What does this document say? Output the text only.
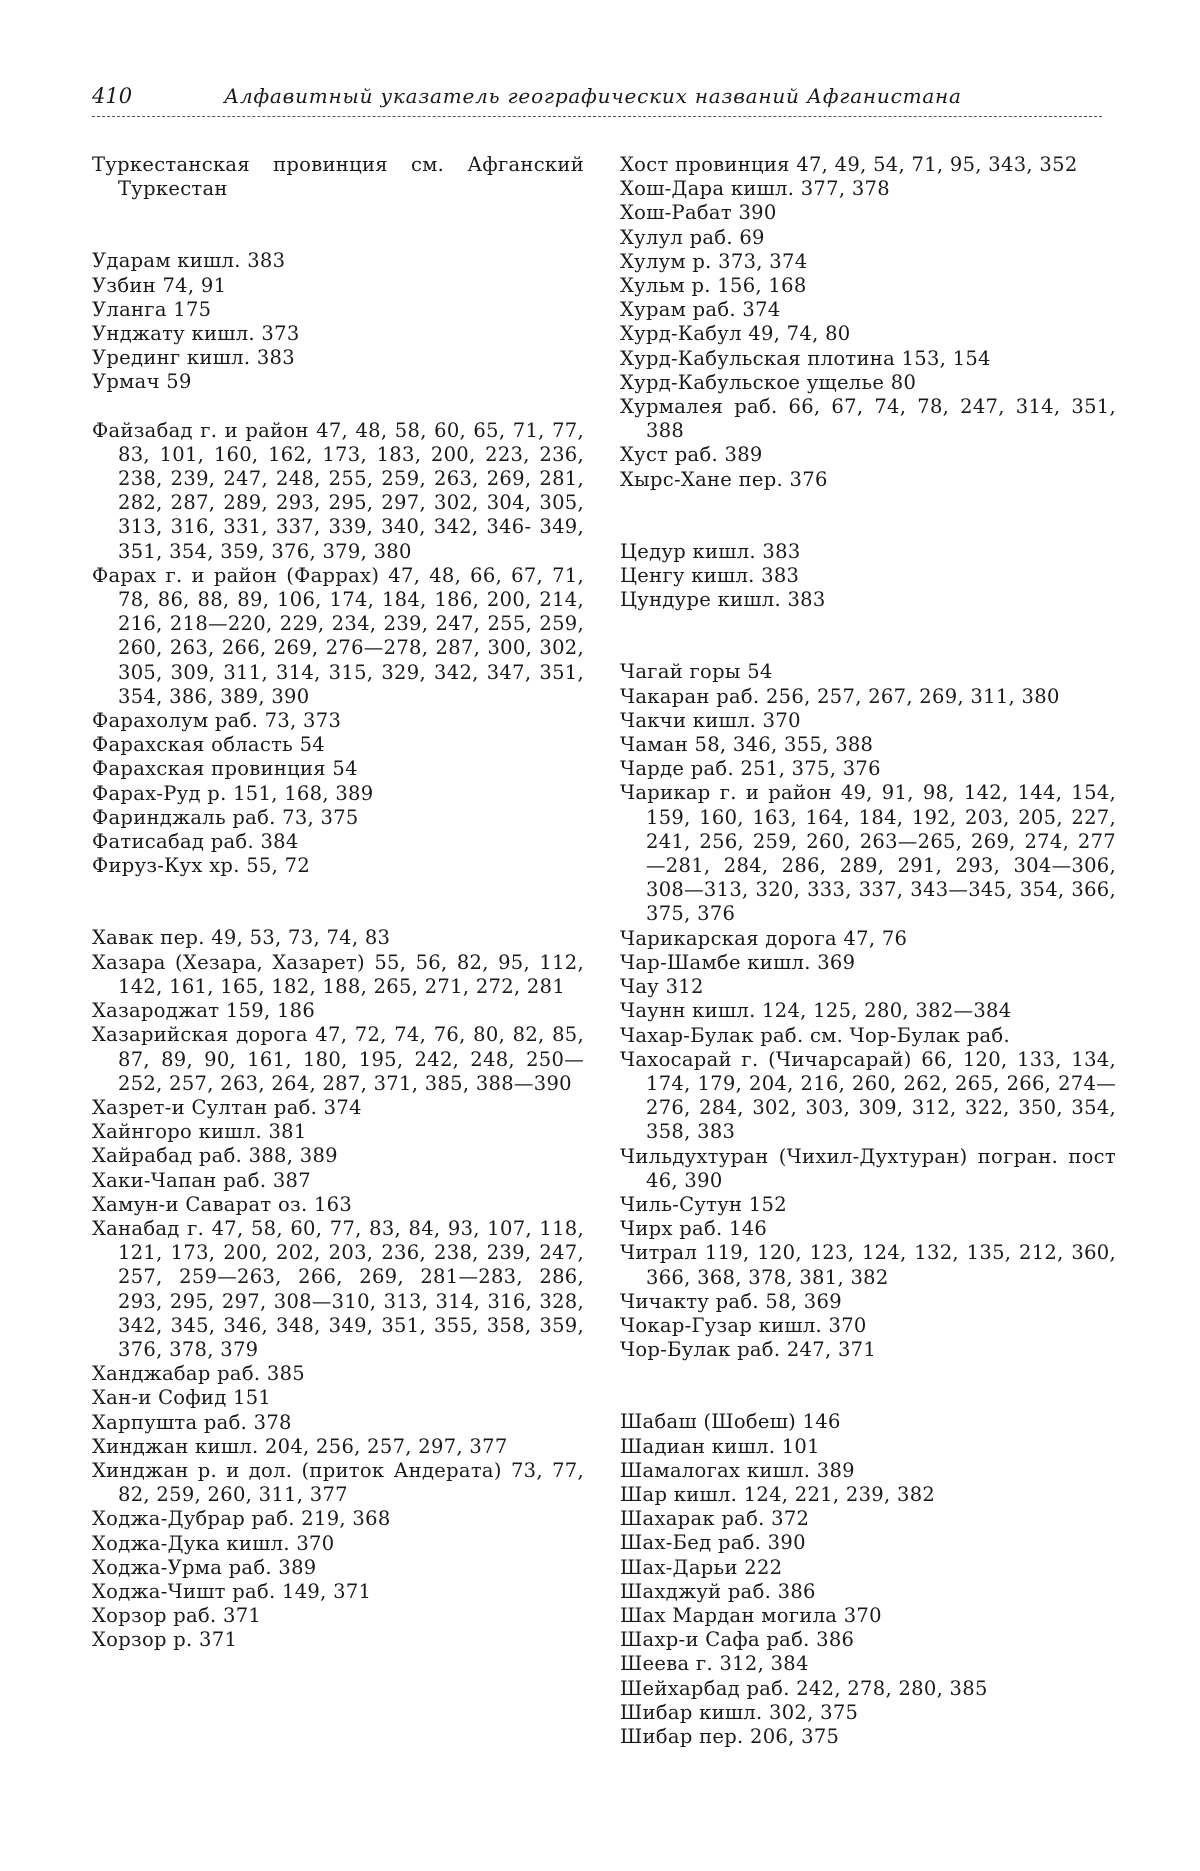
410	Алфавитный указатель географических названий Афганистана
Туркестанская провинция см. Афганский Туркестан
Ударам кишл. 383
Узбин 74, 91
Уланга 175
Унджату кишл. 373
Урединг кишл. 383
Урмач 59
Файзабад г. и район 47, 48, 58, 60, 65, 71, 77, 83, 101, 160, 162, 173, 183, 200, 223, 236, 238, 239, 247, 248, 255, 259, 263, 269, 281, 282, 287, 289, 293, 295, 297, 302, 304, 305, 313, 316, 331, 337, 339, 340, 342, 346- 349, 351, 354, 359, 376, 379, 380
Фарах г. и район (Фаррах) 47, 48, 66, 67, 71, 78, 86, 88, 89, 106, 174, 184, 186, 200, 214, 216, 218—220, 229, 234, 239, 247, 255, 259, 260, 263, 266, 269, 276—278, 287, 300, 302, 305, 309, 311, 314, 315, 329, 342, 347, 351, 354, 386, 389, 390
Фарахолум раб. 73, 373
Фарахская область 54
Фарахская провинция 54
Фарах-Руд р. 151, 168, 389
Фаринджаль раб. 73, 375
Фатисабад раб. 384
Фируз-Кух хр. 55, 72
Хавак пер. 49, 53, 73, 74, 83
Хазара (Хезара, Хазарет) 55, 56, 82, 95, 112, 142, 161, 165, 182, 188, 265, 271, 272, 281
Хазароджат 159, 186
Хазарийская дорога 47, 72, 74, 76, 80, 82, 85, 87, 89, 90, 161, 180, 195, 242, 248, 250—252, 257, 263, 264, 287, 371, 385, 388—390
Хазрет-и Султан раб. 374
Хайнгоро кишл. 381
Хайрабад раб. 388, 389
Хаки-Чапан раб. 387
Хамун-и Саварат оз. 163
Ханабад г. 47, 58, 60, 77, 83, 84, 93, 107, 118, 121, 173, 200, 202, 203, 236, 238, 239, 247, 257, 259—263, 266, 269, 281—283, 286, 293, 295, 297, 308—310, 313, 314, 316, 328, 342, 345, 346, 348, 349, 351, 355, 358, 359, 376, 378, 379
Ханджабар раб. 385
Хан-и Софид 151
Харпушта раб. 378
Хинджан кишл. 204, 256, 257, 297, 377
Хинджан р. и дол. (приток Андерата) 73, 77, 82, 259, 260, 311, 377
Ходжа-Дубрар раб. 219, 368
Ходжа-Дука кишл. 370
Ходжа-Урма раб. 389
Ходжа-Чишт раб. 149, 371
Хорзор раб. 371
Хорзор р. 371
Хост провинция 47, 49, 54, 71, 95, 343, 352
Хош-Дара кишл. 377, 378
Хош-Рабат 390
Хулул раб. 69
Хулум р. 373, 374
Хульм р. 156, 168
Хурам раб. 374
Хурд-Кабул 49, 74, 80
Хурд-Кабульская плотина 153, 154
Хурд-Кабульское ущелье 80
Хурмалея раб. 66, 67, 74, 78, 247, 314, 351, 388
Хуст раб. 389
Хырс-Хане пер. 376
Цедур кишл. 383
Ценгу кишл. 383
Цундуре кишл. 383
Чагай горы 54
Чакаран раб. 256, 257, 267, 269, 311, 380
Чакчи кишл. 370
Чаман 58, 346, 355, 388
Чарде раб. 251, 375, 376
Чарикар г. и район 49, 91, 98, 142, 144, 154, 159, 160, 163, 164, 184, 192, 203, 205, 227, 241, 256, 259, 260, 263—265, 269, 274, 277—281, 284, 286, 289, 291, 293, 304—306, 308—313, 320, 333, 337, 343—345, 354, 366, 375, 376
Чарикарская дорога 47, 76
Чар-Шамбе кишл. 369
Чау 312
Чаунн кишл. 124, 125, 280, 382—384
Чахар-Булак раб. см. Чор-Булак раб.
Чахосарай г. (Чичарсарай) 66, 120, 133, 134, 174, 179, 204, 216, 260, 262, 265, 266, 274—276, 284, 302, 303, 309, 312, 322, 350, 354, 358, 383
Чильдухтуран (Чихил-Духтуран) погран. пост 46, 390
Чиль-Сутун 152
Чирх раб. 146
Читрал 119, 120, 123, 124, 132, 135, 212, 360, 366, 368, 378, 381, 382
Чичакту раб. 58, 369
Чокар-Гузар кишл. 370
Чор-Булак раб. 247, 371
Шабаш (Шобеш) 146
Шадиан кишл. 101
Шамалогах кишл. 389
Шар кишл. 124, 221, 239, 382
Шахарак раб. 372
Шах-Бед раб. 390
Шах-Дарьи 222
Шахджуй раб. 386
Шах Мардан могила 370
Шахр-и Сафа раб. 386
Шеева г. 312, 384
Шейхарбад раб. 242, 278, 280, 385
Шибар кишл. 302, 375
Шибар пер. 206, 375
